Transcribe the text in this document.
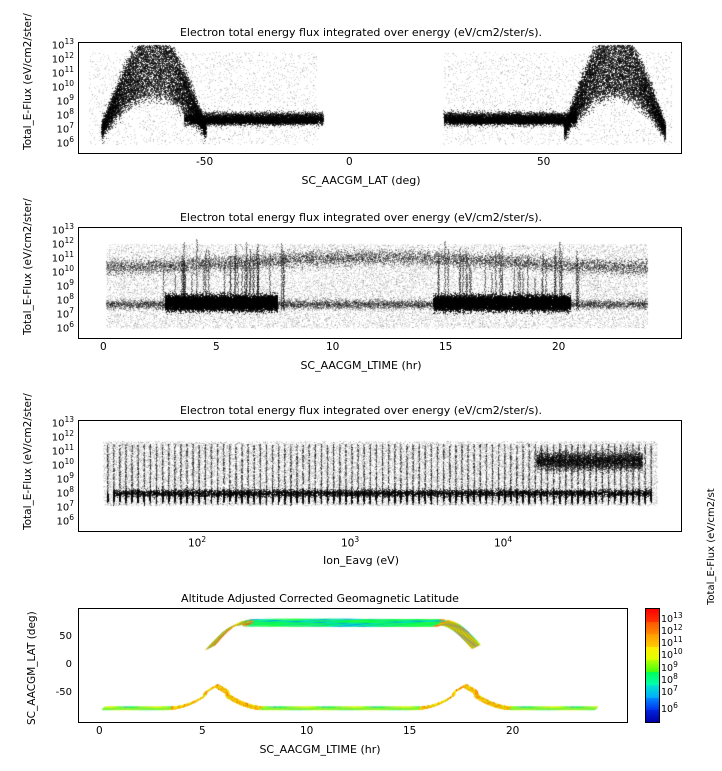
Electron total energy flux integrated over energy (eV/cm2/ster/s).
Total_E-Flux (eV/cm2/ster/	$10^{13}$
$10^{12}$
$10^{11}$
$10^{10}$
$10^9$
$10^8$
$10^7$
$10^6$
-50	0	50
SC_AACGM_LAT (deg)
Electron total energy flux integrated over energy (eV/cm2/ster/s).
Total_E-Flux (eV/cm2/ster/	$10^{13}$
$10^{12}$
$10^{11}$
$10^{10}$
$10^9$
$10^8$
$10^7$
$10^6$
0	5	10	15	20
SC_AACGM_LTIME (hr)
Electron total energy flux integrated over energy (eV/cm2/ster/s).
Total_E-Flux (eV/cm2/ster/	$10^{13}$
$10^{12}$
$10^{11}$
$10^{10}$
$10^9$
$10^8$
$10^7$
$10^6$
$10^2$	$10^3$	$10^4$
Ion_Eavg (eV)
Altitude Adjusted Corrected Geomagnetic Latitude
SC_AACGM_LAT (deg)	50
0
-50
0	5	10	15	20
SC_AACGM_LTIME (hr)
$10^{13}$
$10^{12}$
$10^{11}$
$10^{10}$
$10^9$
$10^8$
$10^7$
$10^6$
Total_E-Flux (eV/cm2/st
